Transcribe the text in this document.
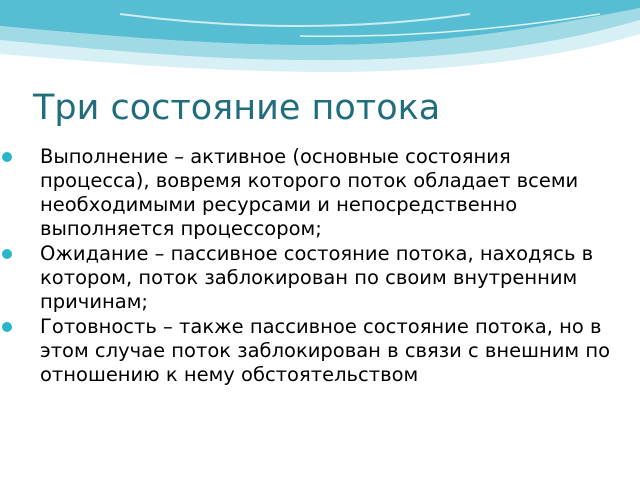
Три состояние потока
Выполнение – активное (основные состояния процесса), вовремя которого поток обладает всеми необходимыми ресурсами и непосредственно выполняется процессором;
Ожидание – пассивное состояние потока, находясь в котором, поток заблокирован по своим внутренним причинам;
Готовность – также пассивное состояние потока, но в этом случае поток заблокирован в связи с внешним по отношению к нему обстоятельством
